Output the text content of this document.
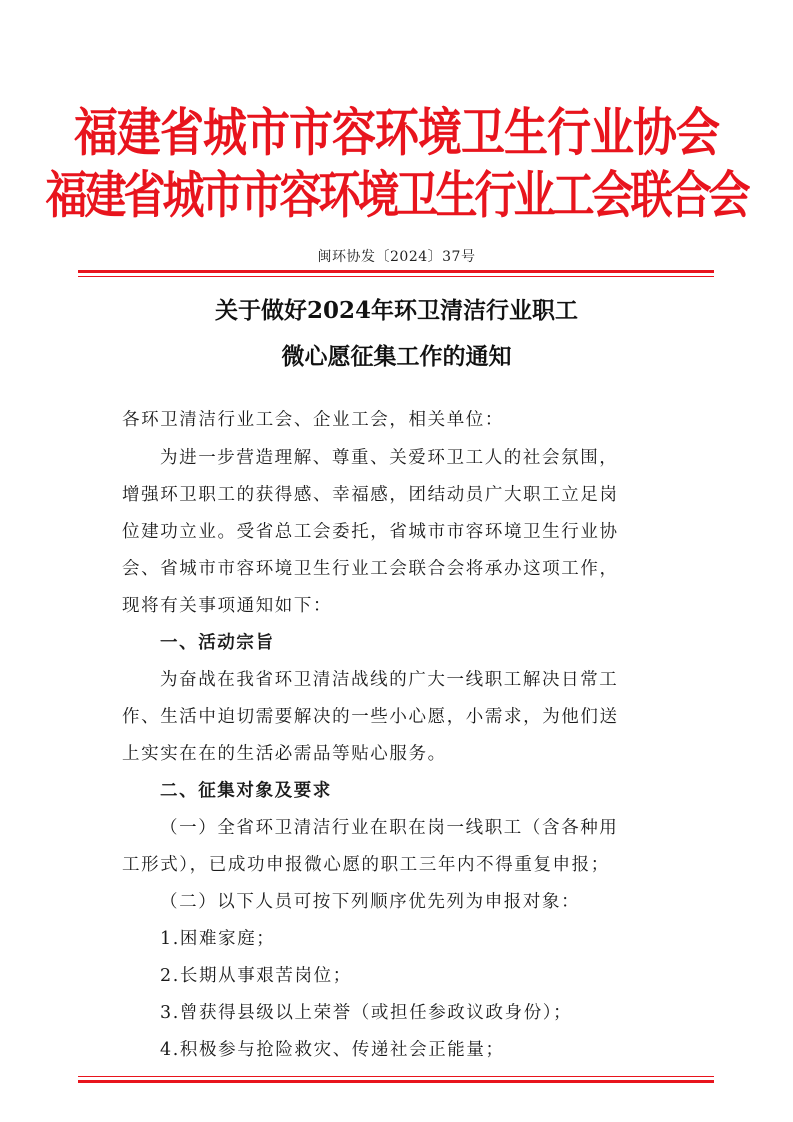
福建省城市市容环境卫生行业协会
福建省城市市容环境卫生行业工会联合会
闽环协发〔2024〕37号
关于做好2024年环卫清洁行业职工
微心愿征集工作的通知
各环卫清洁行业工会、企业工会，相关单位：
为进一步营造理解、尊重、关爱环卫工人的社会氛围，
增强环卫职工的获得感、幸福感，团结动员广大职工立足岗
位建功立业。受省总工会委托，省城市市容环境卫生行业协
会、省城市市容环境卫生行业工会联合会将承办这项工作，
现将有关事项通知如下：
一、活动宗旨
为奋战在我省环卫清洁战线的广大一线职工解决日常工
作、生活中迫切需要解决的一些小心愿，小需求，为他们送
上实实在在的生活必需品等贴心服务。
二、征集对象及要求
（一）全省环卫清洁行业在职在岗一线职工（含各种用
工形式），已成功申报微心愿的职工三年内不得重复申报；
（二）以下人员可按下列顺序优先列为申报对象：
1.困难家庭；
2.长期从事艰苦岗位；
3.曾获得县级以上荣誉（或担任参政议政身份）；
4.积极参与抢险救灾、传递社会正能量；
